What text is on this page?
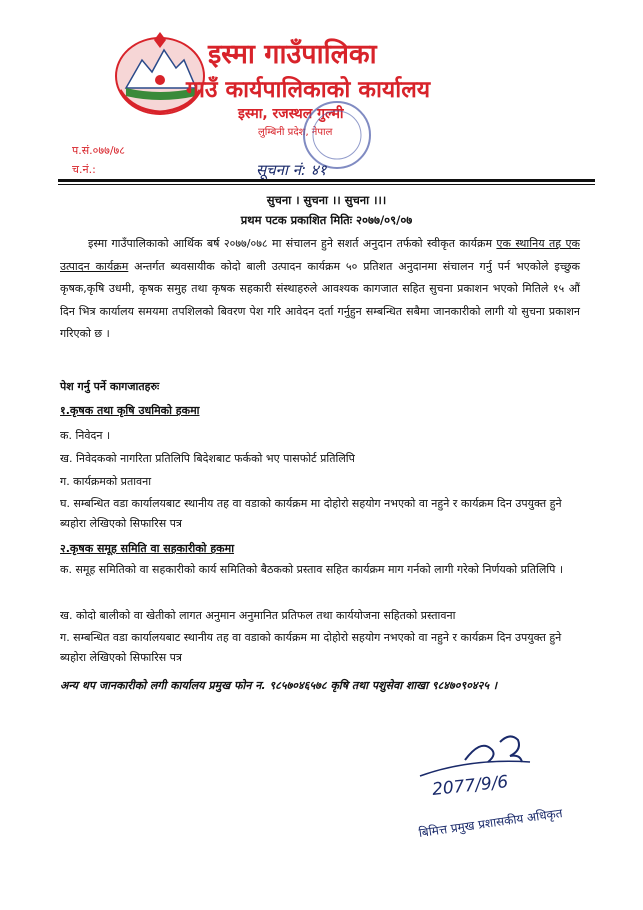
इस्मा गाउँपालिका
गाउँ कार्यपालिकाको कार्यालय
इस्मा, रजस्थल गुल्मी
लुम्बिनी प्रदेश, नेपाल
प.सं.०७७/७८
च.नं.:	सूचना नं: ४१
सुचना । सुचना ।। सुचना ।।।
प्रथम पटक प्रकाशित मितिः २०७७/०९/०७
इस्मा गाउँपालिकाको आर्थिक बर्ष २०७७/०७८ मा संचालन हुने सशर्त अनुदान तर्फको स्वीकृत कार्यक्रम एक स्थानिय तह एक उत्पादन कार्यक्रम अन्तर्गत ब्यवसायीक कोदो बाली उत्पादन कार्यक्रम ५० प्रतिशत अनुदानमा संचालन गर्नु पर्न भएकोले इच्छुक कृषक,कृषि उधमी, कृषक समुह तथा कृषक सहकारी संस्थाहरुले आवश्यक कागजात सहित सुचना प्रकाशन भएको मितिले १५ औं दिन भित्र कार्यालय समयमा तपशिलको बिवरण पेश गरि आवेदन दर्ता गर्नुहुन सम्बन्धित सबैमा जानकारीको लागी यो सुचना प्रकाशन गरिएको छ ।
पेश गर्नु पर्ने कागजातहरुः
१.कृषक तथा कृषि उधमिको हकमा
क. निवेदन ।
ख. निवेदकको नागरिता प्रतिलिपि बिदेशबाट फर्कको भए पासफोर्ट प्रतिलिपि
ग. कार्यक्रमको प्रतावना
घ. सम्बन्धित वडा कार्यालयबाट स्थानीय तह वा वडाको कार्यक्रम मा दोहोरो सहयोग नभएको वा नहुने र कार्यक्रम दिन उपयुक्त हुने ब्यहोरा लेखिएको सिफारिस पत्र
२.कृषक समूह समिति वा सहकारीको हकमा
क. समूह समितिको वा सहकारीको कार्य समितिको बैठकको प्रस्ताव सहित कार्यक्रम माग गर्नको लागी गरेको निर्णयको प्रतिलिपि ।
ख. कोदो बालीको वा खेतीको लागत अनुमान अनुमानित प्रतिफल तथा कार्ययोजना सहितको प्रस्तावना
ग. सम्बन्धित वडा कार्यालयबाट स्थानीय तह वा वडाको कार्यक्रम मा दोहोरो सहयोग नभएको वा नहुने र कार्यक्रम दिन उपयुक्त हुने ब्यहोरा लेखिएको सिफारिस पत्र
अन्य थप जानकारीको लगी कार्यालय प्रमुख फोन न. ९८५७०४६५७८ कृषि तथा पशुसेवा शाखा ९८४७०९०४२५ ।
2077/9/6
बिमित्त प्रमुख प्रशासकीय अधिकृत
